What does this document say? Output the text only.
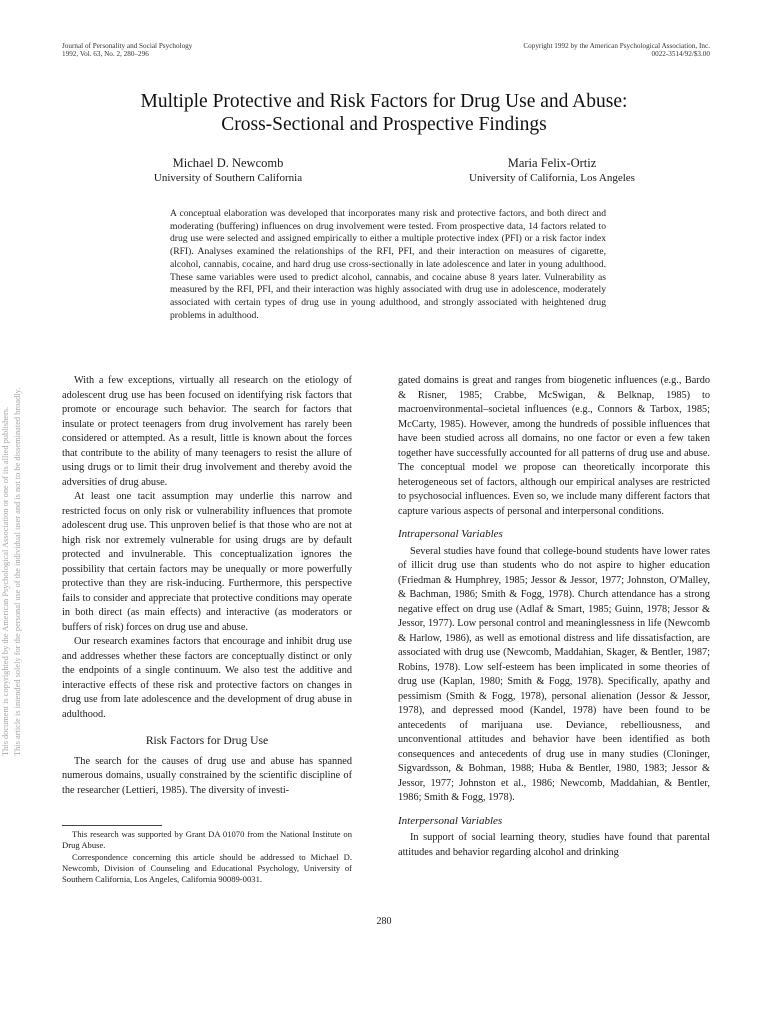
Journal of Personality and Social Psychology
1992, Vol. 63, No. 2, 280–296
Copyright 1992 by the American Psychological Association, Inc.
0022-3514/92/$3.00
Multiple Protective and Risk Factors for Drug Use and Abuse:
Cross-Sectional and Prospective Findings
Michael D. Newcomb
University of Southern California
Maria Felix-Ortiz
University of California, Los Angeles
A conceptual elaboration was developed that incorporates many risk and protective factors, and both direct and moderating (buffering) influences on drug involvement were tested. From prospective data, 14 factors related to drug use were selected and assigned empirically to either a multiple protective index (PFI) or a risk factor index (RFI). Analyses examined the relationships of the RFI, PFI, and their interaction on measures of cigarette, alcohol, cannabis, cocaine, and hard drug use cross-sectionally in late adolescence and later in young adulthood. These same variables were used to predict alcohol, cannabis, and cocaine abuse 8 years later. Vulnerability as measured by the RFI, PFI, and their interaction was highly associated with drug use in adolescence, moderately associated with certain types of drug use in young adulthood, and strongly associated with heightened drug problems in adulthood.

With a few exceptions, virtually all research on the etiology of adolescent drug use has been focused on identifying risk factors that promote or encourage such behavior. The search for factors that insulate or protect teenagers from drug involvement has rarely been considered or attempted. As a result, little is known about the forces that contribute to the ability of many teenagers to resist the allure of using drugs or to limit their drug involvement and thereby avoid the adversities of drug abuse.

At least one tacit assumption may underlie this narrow and restricted focus on only risk or vulnerability influences that promote adolescent drug use. This unproven belief is that those who are not at high risk nor extremely vulnerable for using drugs are by default protected and invulnerable. This conceptualization ignores the possibility that certain factors may be unequally or more powerfully protective than they are risk-inducing. Furthermore, this perspective fails to consider and appreciate that protective conditions may operate in both direct (as main effects) and interactive (as moderators or buffers of risk) forces on drug use and abuse.

Our research examines factors that encourage and inhibit drug use and addresses whether these factors are conceptually distinct or only the endpoints of a single continuum. We also test the additive and interactive effects of these risk and protective factors on changes in drug use from late adolescence and the development of drug abuse in adulthood.

Risk Factors for Drug Use

The search for the causes of drug use and abuse has spanned numerous domains, usually constrained by the scientific discipline of the researcher (Lettieri, 1985). The diversity of investi-

gated domains is great and ranges from biogenetic influences (e.g., Bardo & Risner, 1985; Crabbe, McSwigan, & Belknap, 1985) to macroenvironmental–societal influences (e.g., Connors & Tarbox, 1985; McCarty, 1985). However, among the hundreds of possible influences that have been studied across all domains, no one factor or even a few taken together have successfully accounted for all patterns of drug use and abuse. The conceptual model we propose can theoretically incorporate this heterogeneous set of factors, although our empirical analyses are restricted to psychosocial influences. Even so, we include many different factors that capture various aspects of personal and interpersonal conditions.

Intrapersonal Variables

Several studies have found that college-bound students have lower rates of illicit drug use than students who do not aspire to higher education (Friedman & Humphrey, 1985; Jessor & Jessor, 1977; Johnston, O'Malley, & Bachman, 1986; Smith & Fogg, 1978). Church attendance has a strong negative effect on drug use (Adlaf & Smart, 1985; Guinn, 1978; Jessor & Jessor, 1977). Low personal control and meaninglessness in life (Newcomb & Harlow, 1986), as well as emotional distress and life dissatisfaction, are associated with drug use (Newcomb, Maddahian, Skager, & Bentler, 1987; Robins, 1978). Low self-esteem has been implicated in some theories of drug use (Kaplan, 1980; Smith & Fogg, 1978). Specifically, apathy and pessimism (Smith & Fogg, 1978), personal alienation (Jessor & Jessor, 1978), and depressed mood (Kandel, 1978) have been found to be antecedents of marijuana use. Deviance, rebelliousness, and unconventional attitudes and behavior have been identified as both consequences and antecedents of drug use in many studies (Cloninger, Sigvardsson, & Bohman, 1988; Huba & Bentler, 1980, 1983; Jessor & Jessor, 1977; Johnston et al., 1986; Newcomb, Maddahian, & Bentler, 1986; Smith & Fogg, 1978).

Interpersonal Variables

In support of social learning theory, studies have found that parental attitudes and behavior regarding alcohol and drinking

This research was supported by Grant DA 01070 from the National Institute on Drug Abuse.

Correspondence concerning this article should be addressed to Michael D. Newcomb, Division of Counseling and Educational Psychology, University of Southern California, Los Angeles, California 90089-0031.

280
This document is copyrighted by the American Psychological Association or one of its allied publishers. This article is intended solely for the personal use of the individual user and is not to be disseminated broadly.
